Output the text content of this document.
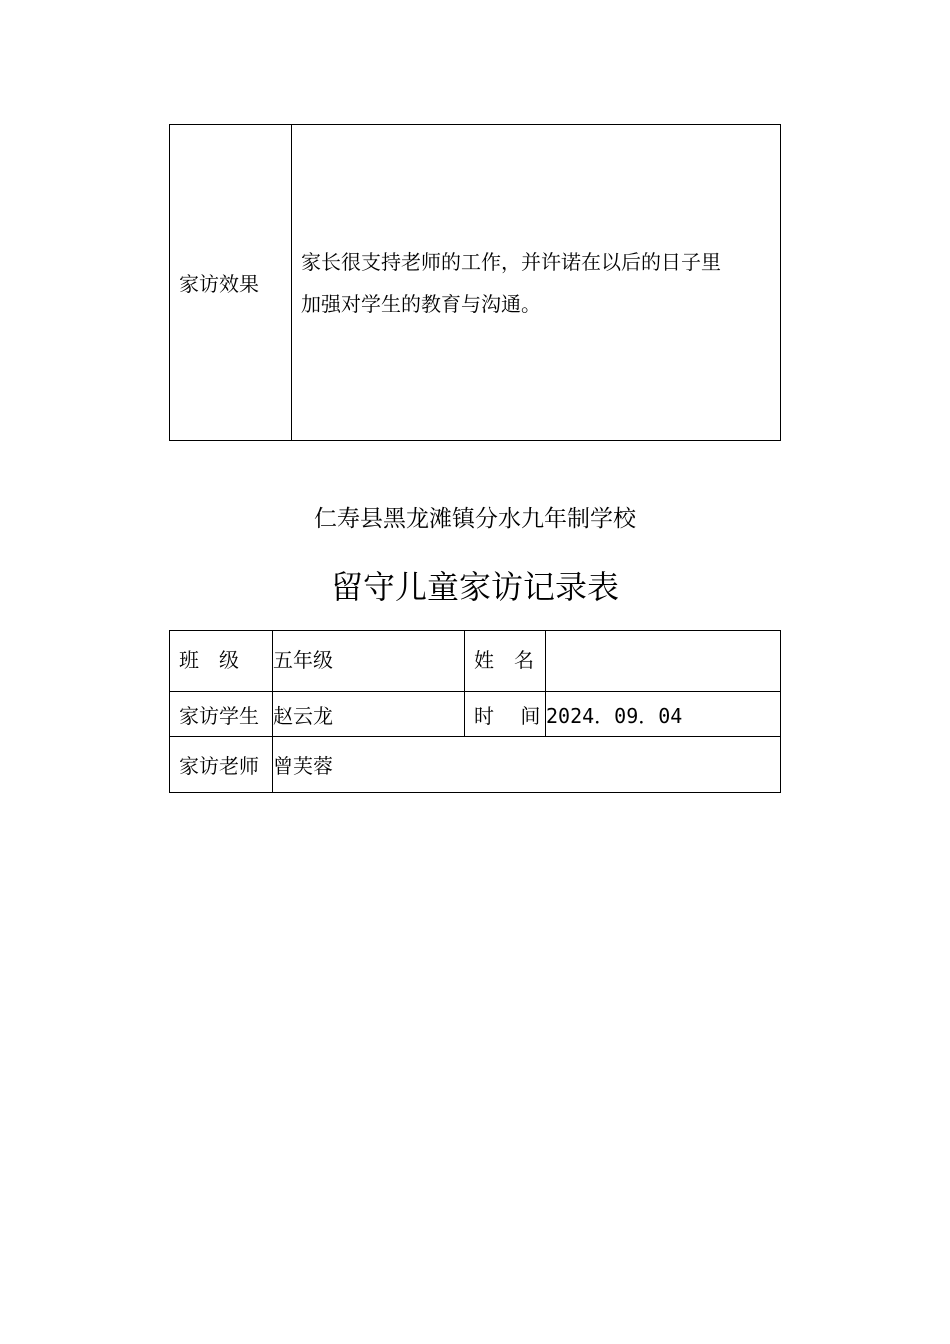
家访效果	
家长很支持老师的工作，并许诺在以后的日子里
加强对学生的教育与沟通。
仁寿县黑龙滩镇分水九年制学校
留守儿童家访记录表
班　级	五年级	姓　名	
家访学生	赵云龙	时　 间	2024．09．04
家访老师	曾芙蓉		
